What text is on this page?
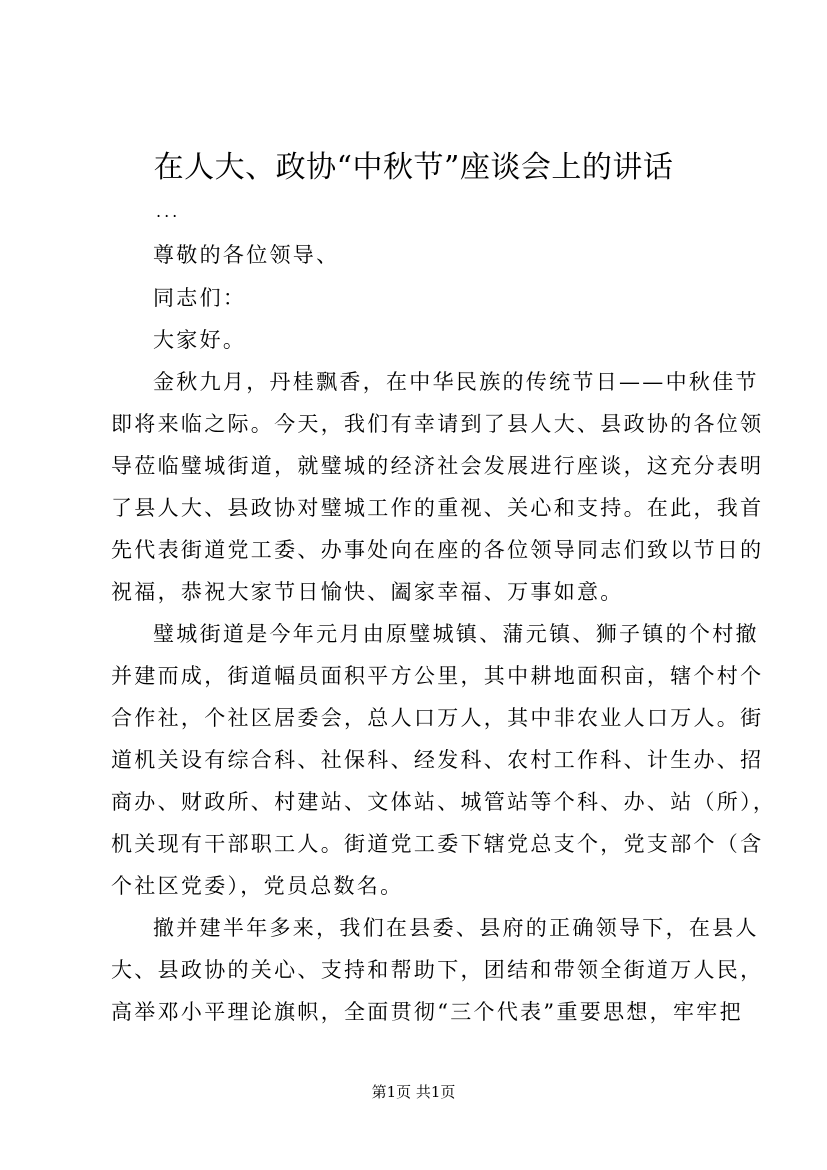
在人大、政协“中秋节”座谈会上的讲话
...
尊敬的各位领导、
同志们：
大家好。
金秋九月，丹桂飘香，在中华民族的传统节日——中秋佳节
即将来临之际。今天，我们有幸请到了县人大、县政协的各位领
导莅临璧城街道，就璧城的经济社会发展进行座谈，这充分表明
了县人大、县政协对璧城工作的重视、关心和支持。在此，我首
先代表街道党工委、办事处向在座的各位领导同志们致以节日的
祝福，恭祝大家节日愉快、阖家幸福、万事如意。
璧城街道是今年元月由原璧城镇、蒲元镇、狮子镇的个村撤
并建而成，街道幅员面积平方公里，其中耕地面积亩，辖个村个
合作社，个社区居委会，总人口万人，其中非农业人口万人。街
道机关设有综合科、社保科、经发科、农村工作科、计生办、招
商办、财政所、村建站、文体站、城管站等个科、办、站（所），
机关现有干部职工人。街道党工委下辖党总支个，党支部个（含
个社区党委），党员总数名。
撤并建半年多来，我们在县委、县府的正确领导下，在县人
大、县政协的关心、支持和帮助下，团结和带领全街道万人民，
高举邓小平理论旗帜，全面贯彻“三个代表”重要思想，牢牢把
第1页 共1页
